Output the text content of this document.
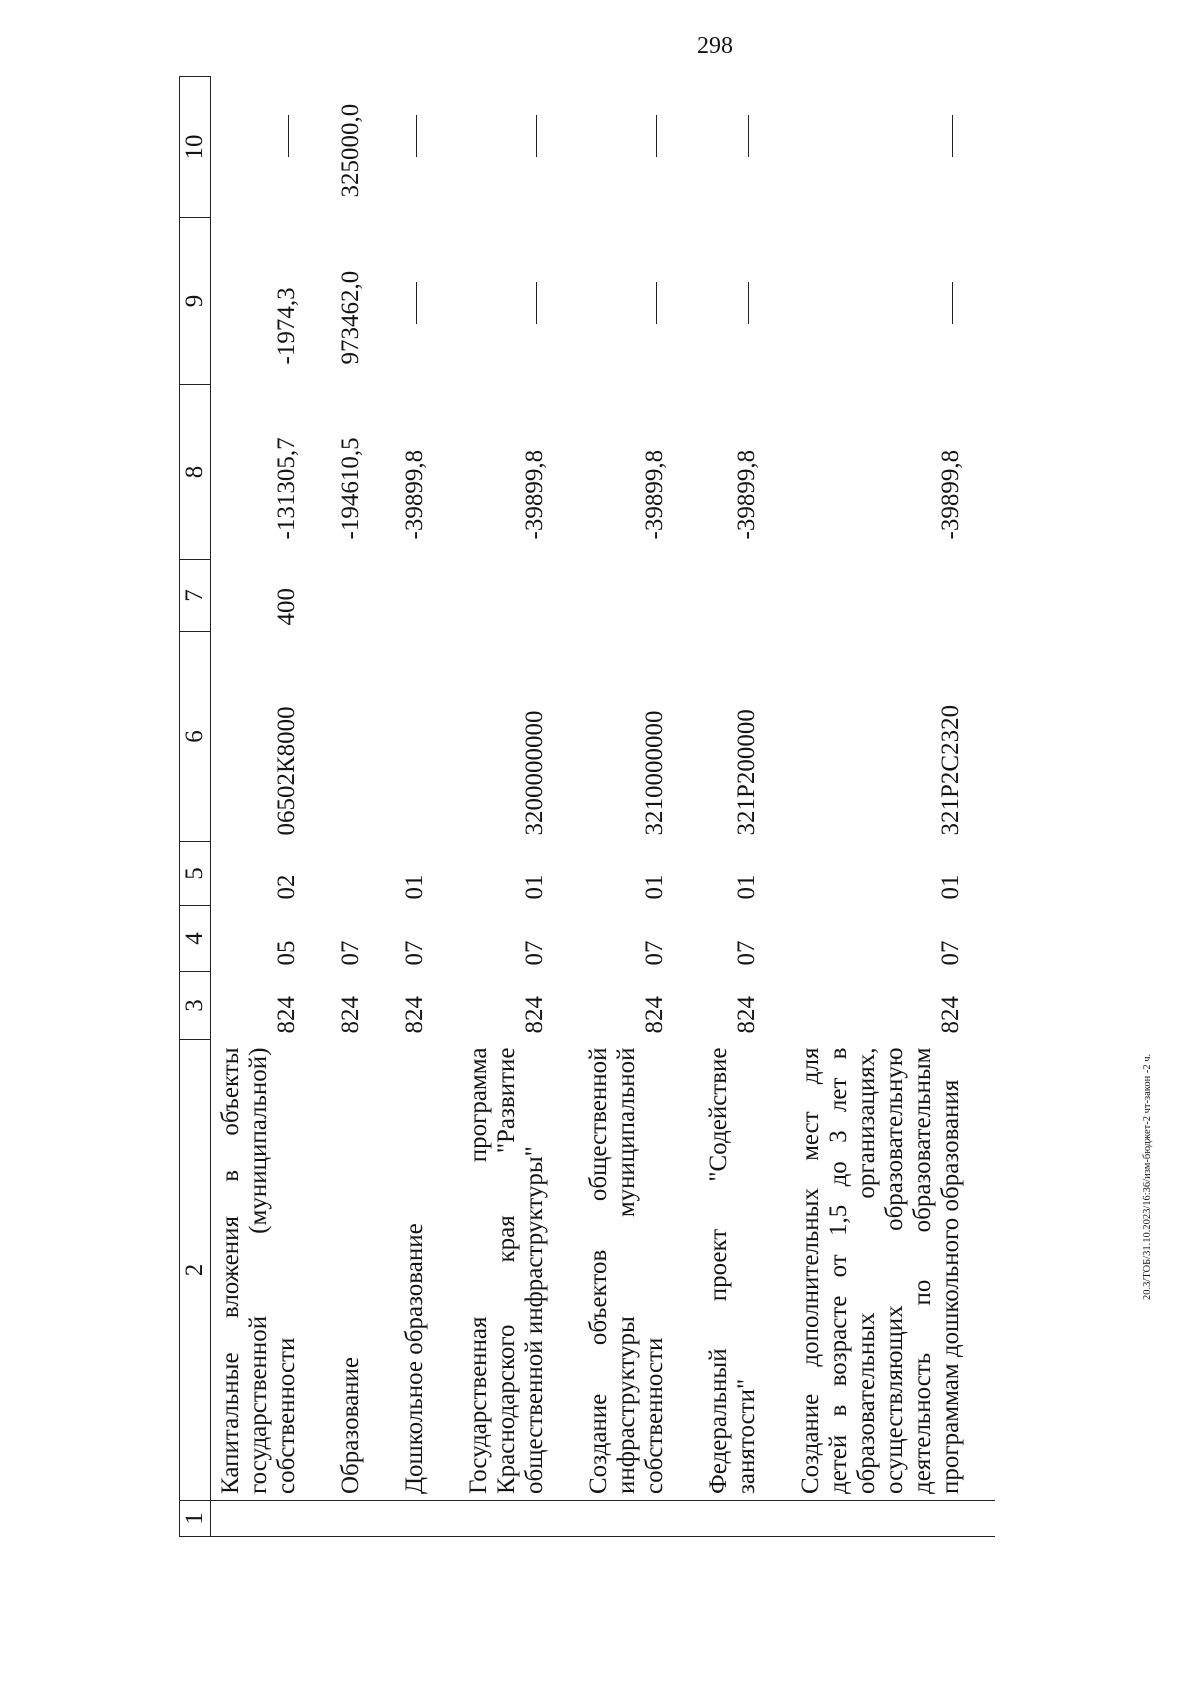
298
20.3/ТОБ/31.10.2023/16:36/изм-бюджет-2 чт-закон -2 ч.
1	2	3	4	5	6	7	8	9	10
	Капитальные вложения в объекты государственной (муниципальной) собственности	824	05	02	06502К8000	400	-131305,7	-1974,3	
	Образование	824	07				-194610,5	973462,0	325000,0
	Дошкольное образование	824	07	01			-39899,8		
	Государственная программа Краснодарского края "Развитие общественной инфраструктуры"	824	07	01	3200000000		-39899,8		
	Создание объектов общественной инфраструктуры муниципальной собственности	824	07	01	3210000000		-39899,8		
	Федеральный проект "Содействие занятости"	824	07	01	321Р200000		-39899,8		
	Создание дополнительных мест для детей в возрасте от 1,5 до 3 лет в образовательных организациях, осуществляющих образовательную деятельность по образовательным программам дошкольного образования	824	07	01	321Р2С2320		-39899,8		
